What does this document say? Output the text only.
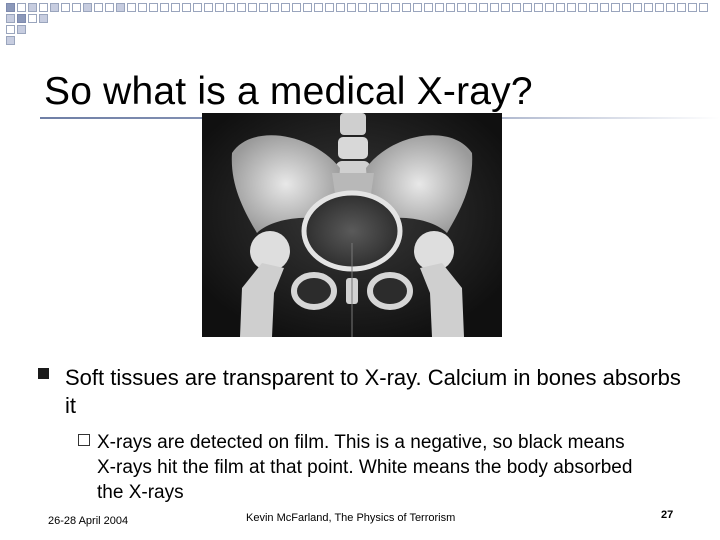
So what is a medical X-ray?
Soft tissues are transparent to X-ray. Calcium in bones absorbs it
X-rays are detected on film. This is a negative, so black means X-rays hit the film at that point. White means the body absorbed the X-rays
26-28 April 2004	Kevin McFarland, The Physics of Terrorism	27
